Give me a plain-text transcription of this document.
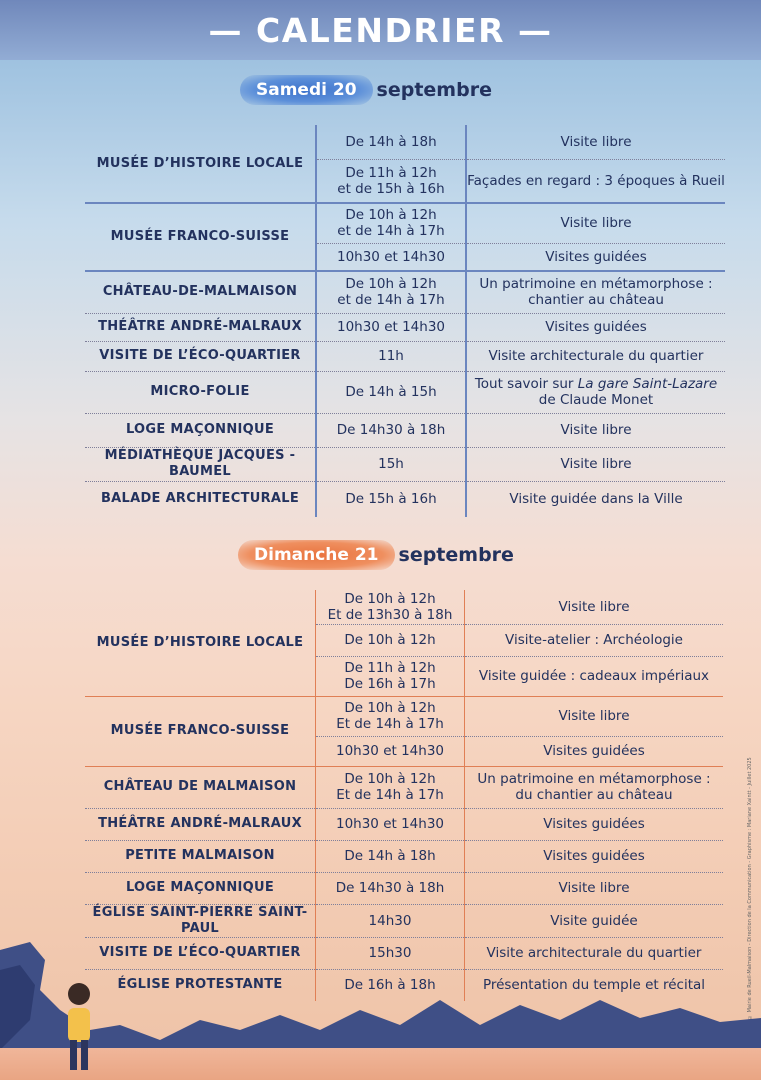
— CALENDRIER —
Samedi 20	septembre
MUSÉE D’HISTOIRE LOCALE	De 14h à 18h	Visite libre
	De 11h à 12h
et de 15h à 16h	Façades en regard : 3 époques à Rueil
MUSÉE FRANCO-SUISSE	De 10h à 12h
et de 14h à 17h	Visite libre
	10h30 et 14h30	Visites guidées
CHÂTEAU-DE-MALMAISON	De 10h à 12h
et de 14h à 17h	Un patrimoine en métamorphose :
chantier au château
THÉÂTRE ANDRÉ-MALRAUX	10h30 et 14h30	Visites guidées
VISITE DE L’ÉCO-QUARTIER	11h	Visite architecturale du quartier
MICRO-FOLIE	De 14h à 15h	Tout savoir sur La gare Saint-Lazare
de Claude Monet
LOGE MAÇONNIQUE	De 14h30 à 18h	Visite libre
MÉDIATHÈQUE JACQUES -BAUMEL	15h	Visite libre
BALADE ARCHITECTURALE	De 15h à 16h	Visite guidée dans la Ville
Dimanche 21	septembre
MUSÉE D’HISTOIRE LOCALE	De 10h à 12h
Et de 13h30 à 18h	Visite libre
	De 10h à 12h	Visite-atelier : Archéologie
	De 11h à 12h
De 16h à 17h	Visite guidée : cadeaux impériaux
MUSÉE FRANCO-SUISSE	De 10h à 12h
Et de 14h à 17h	Visite libre
	10h30 et 14h30	Visites guidées
CHÂTEAU DE MALMAISON	De 10h à 12h
Et de 14h à 17h	Un patrimoine en métamorphose :
du chantier au château
THÉÂTRE ANDRÉ-MALRAUX	10h30 et 14h30	Visites guidées
PETITE MALMAISON	De 14h à 18h	Visites guidées
LOGE MAÇONNIQUE	De 14h30 à 18h	Visite libre
ÉGLISE SAINT-PIERRE SAINT-PAUL	14h30	Visite guidée
VISITE DE L’ÉCO-QUARTIER	15h30	Visite architecturale du quartier
ÉGLISE PROTESTANTE	De 16h à 18h	Présentation du temple et récital	© Mairie de Rueil-Malmaison - Direction de la Communication - Graphisme : Mariane Xaintt - Juillet 2025
